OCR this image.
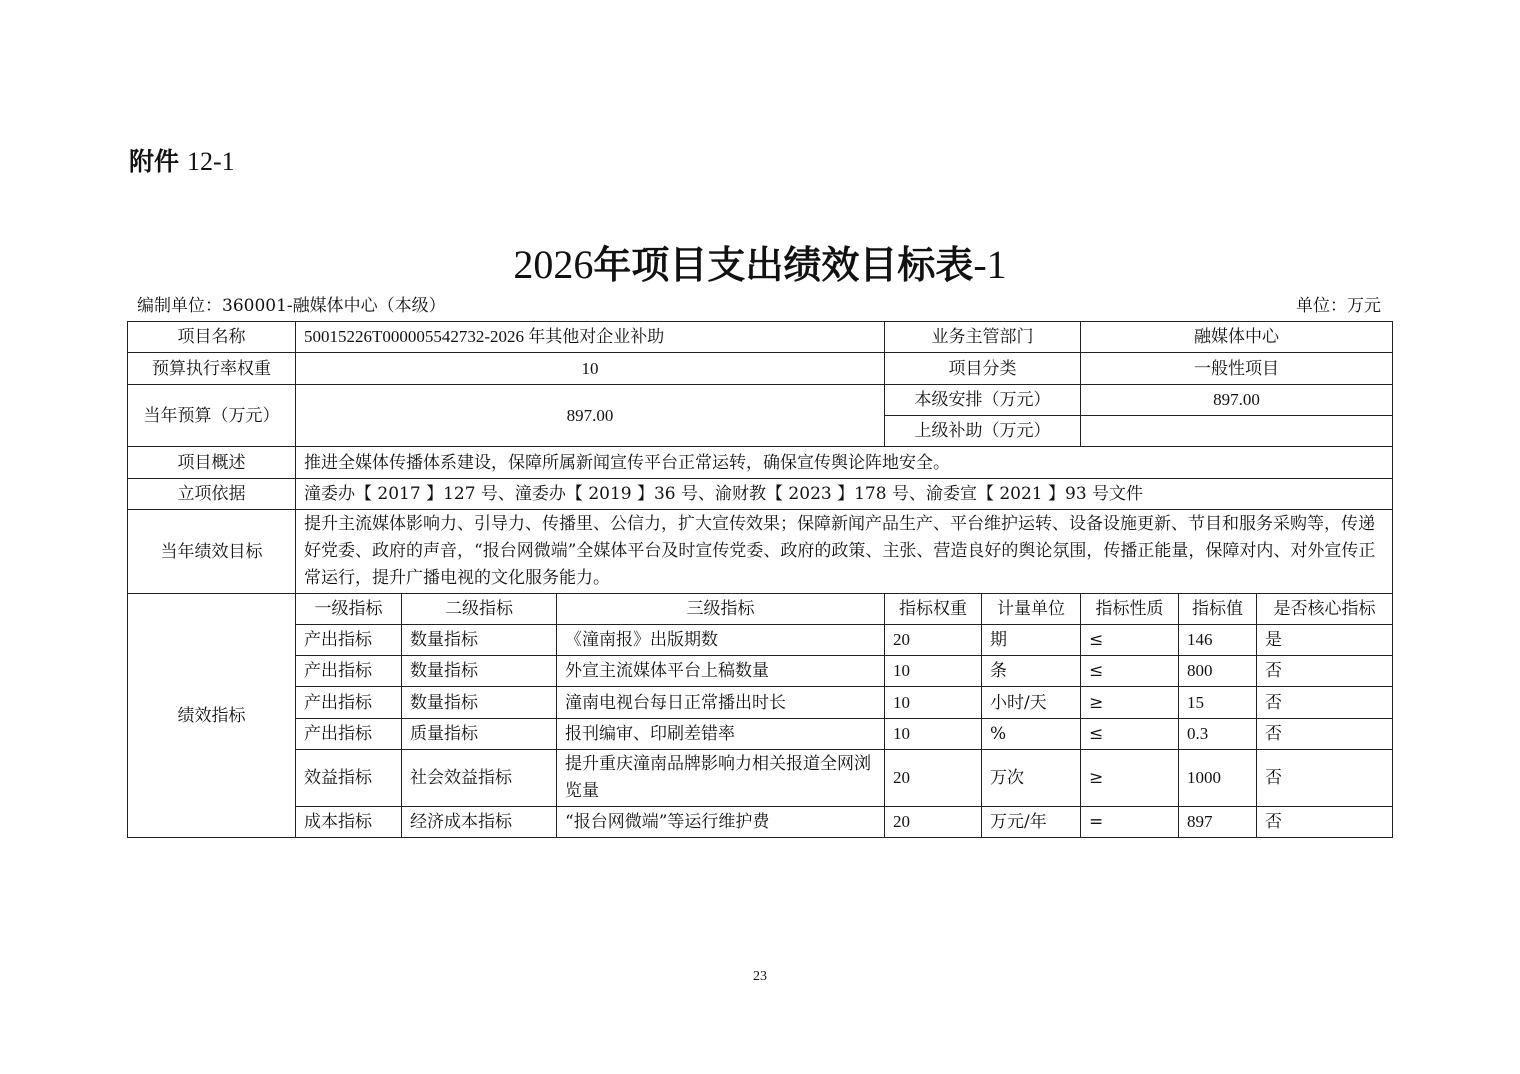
附件 12-1
2026年项目支出绩效目标表-1
编制单位：360001-融媒体中心（本级）	单位：万元
项目名称	50015226T000005542732-2026 年其他对企业补助			业务主管部门		融媒体中心		
预算执行率权重	10			项目分类		一般性项目		
当年预算（万元）	897.00			本级安排（万元）		897.00		
				上级补助（万元）				
项目概述	推进全媒体传播体系建设，保障所属新闻宣传平台正常运转，确保宣传舆论阵地安全。							
立项依据	潼委办【 2017 】127 号、潼委办【 2019 】36 号、渝财教【 2023 】178 号、渝委宣【 2021 】93 号文件							
当年绩效目标	提升主流媒体影响力、引导力、传播里、公信力，扩大宣传效果；保障新闻产品生产、平台维护运转、设备设施更新、节目和服务采购等，传递好党委、政府的声音，“报台网微端”全媒体平台及时宣传党委、政府的政策、主张、营造良好的舆论氛围，传播正能量，保障对内、对外宣传正常运行，提升广播电视的文化服务能力。							
绩效指标	一级指标	二级指标	三级指标	指标权重	计量单位	指标性质	指标值	是否核心指标
	产出指标	数量指标	《潼南报》出版期数	20	期	≤	146	是
	产出指标	数量指标	外宣主流媒体平台上稿数量	10	条	≤	800	否
	产出指标	数量指标	潼南电视台每日正常播出时长	10	小时/天	≥	15	否
	产出指标	质量指标	报刊编审、印刷差错率	10	%	≤	0.3	否
	效益指标	社会效益指标	提升重庆潼南品牌影响力相关报道全网浏览量	20	万次	≥	1000	否
	成本指标	经济成本指标	“报台网微端”等运行维护费	20	万元/年	=	897	否
23
